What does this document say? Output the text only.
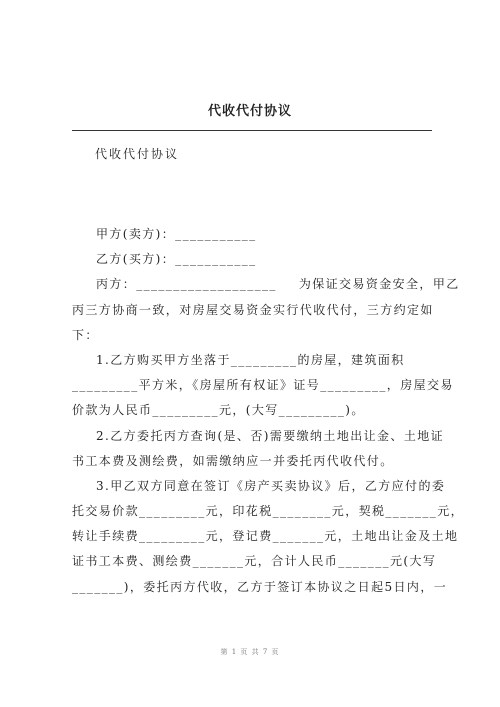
代收代付协议
代收代付协议
甲方(卖方)：___________
乙方(买方)：___________
丙方：___________________ 为保证交易资金安全，甲乙
丙三方协商一致，对房屋交易资金实行代收代付，三方约定如
下：
1.乙方购买甲方坐落于_________的房屋，建筑面积
_________平方米，《房屋所有权证》证号_________，房屋交易
价款为人民币_________元，(大写_________)。
2.乙方委托丙方查询(是、否)需要缴纳土地出让金、土地证
书工本费及测绘费，如需缴纳应一并委托丙代收代付。
3.甲乙双方同意在签订《房产买卖协议》后，乙方应付的委
托交易价款_________元，印花税________元，契税_______元，
转让手续费_________元，登记费_______元，土地出让金及土地
证书工本费、测绘费_______元，合计人民币_______元(大写
_______)，委托丙方代收，乙方于签订本协议之日起5日内，一
第 1 页 共 7 页
